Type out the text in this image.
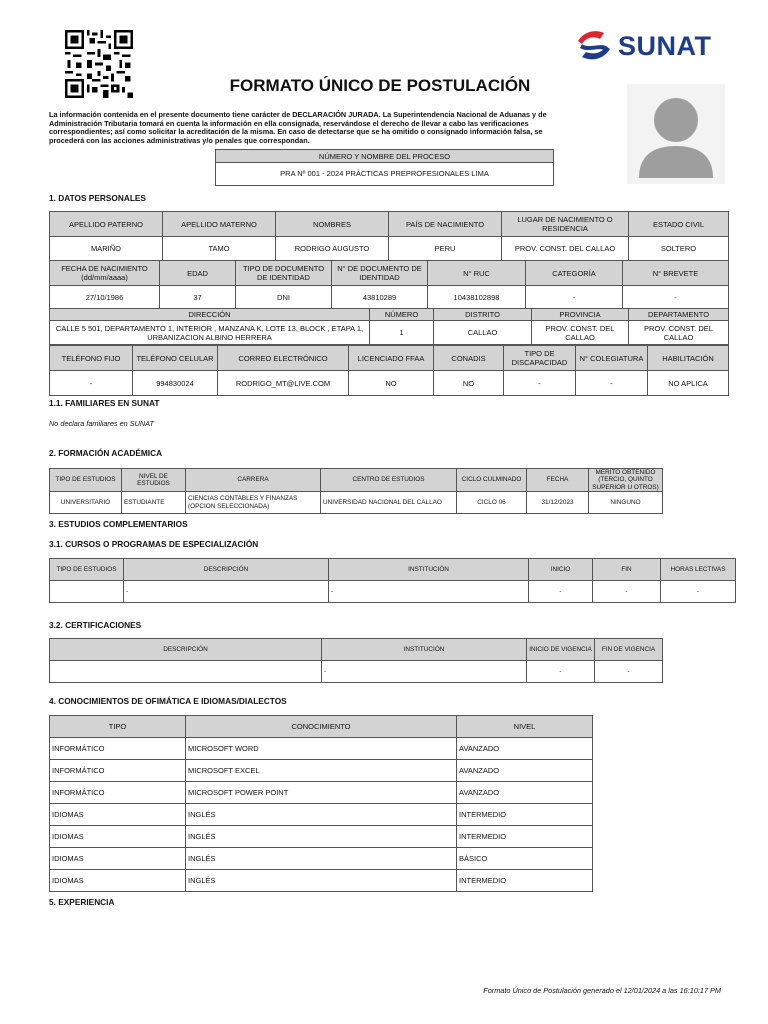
SUNAT
FORMATO ÚNICO DE POSTULACIÓN
La información contenida en el presente documento tiene carácter de DECLARACIÓN JURADA. La Superintendencia Nacional de Aduanas y de Administración Tributaria tomará en cuenta la información en ella consignada, reservándose el derecho de llevar a cabo las verificaciones correspondientes; así como solicitar la acreditación de la misma. En caso de detectarse que se ha omitido o consignado información falsa, se procederá con las acciones administrativas y/o penales que correspondan.
NÚMERO Y NOMBRE DEL PROCESO
PRA Nº 001 - 2024 PRÁCTICAS PREPROFESIONALES LIMA
1. DATOS PERSONALES
APELLIDO PATERNO	APELLIDO MATERNO	NOMBRES	PAÍS DE NACIMIENTO	LUGAR DE NACIMIENTO O RESIDENCIA	ESTADO CIVIL
MARIÑO	TAMO	RODRIGO AUGUSTO	PERU	PROV. CONST. DEL CALLAO	SOLTERO
FECHA DE NACIMIENTO (dd/mm/aaaa)	EDAD	TIPO DE DOCUMENTO DE IDENTIDAD	N° DE DOCUMENTO DE IDENTIDAD	N° RUC	CATEGORÍA	N° BREVETE
27/10/1986	37	DNI	43810289	10438102898	-	-
DIRECCIÓN	NÚMERO	DISTRITO	PROVINCIA	DEPARTAMENTO
CALLE 5 501, DEPARTAMENTO 1, INTERIOR , MANZANA K, LOTE 13, BLOCK , ETAPA 1, URBANIZACION ALBINO HERRERA	1	CALLAO	PROV. CONST. DEL CALLAO	PROV. CONST. DEL CALLAO
TELÉFONO FIJO	TELÉFONO CELULAR	CORREO ELECTRÓNICO	LICENCIADO FFAA	CONADIS	TIPO DE DISCAPACIDAD	N° COLEGIATURA	HABILITACIÓN
-	994830024	RODRIGO_MT@LIVE.COM	NO	NO	-	-	NO APLICA
1.1. FAMILIARES EN SUNAT
No declara familiares en SUNAT
2. FORMACIÓN ACADÉMICA
TIPO DE ESTUDIOS	NIVEL DE ESTUDIOS	CARRERA	CENTRO DE ESTUDIOS	CICLO CULMINADO	FECHA	MÉRITO OBTENIDO (TERCIO, QUINTO SUPERIOR U OTROS)
UNIVERSITARIO	ESTUDIANTE	CIENCIAS CONTABLES Y FINANZAS (OPCION SELECCIONADA)	UNIVERSIDAD NACIONAL DEL CALLAO	CICLO 06	31/12/2023	NINGUNO
3. ESTUDIOS COMPLEMENTARIOS
3.1. CURSOS O PROGRAMAS DE ESPECIALIZACIÓN
TIPO DE ESTUDIOS	DESCRIPCIÓN	INSTITUCIÓN	INICIO	FIN	HORAS LECTIVAS
	-	-	-	-	-
3.2. CERTIFICACIONES
DESCRIPCIÓN	INSTITUCIÓN	INICIO DE VIGENCIA	FIN DE VIGENCIA
	-	-	-
4. CONOCIMIENTOS DE OFIMÁTICA E IDIOMAS/DIALECTOS
TIPO	CONOCIMIENTO	NIVEL
INFORMÁTICO	MICROSOFT WORD	AVANZADO
INFORMÁTICO	MICROSOFT EXCEL	AVANZADO
INFORMÁTICO	MICROSOFT POWER POINT	AVANZADO
IDIOMAS	INGLÉS	INTERMEDIO
IDIOMAS	INGLÉS	INTERMEDIO
IDIOMAS	INGLÉS	BÁSICO
IDIOMAS	INGLÉS	INTERMEDIO
5. EXPERIENCIA
Formato Único de Postulación generado el 12/01/2024 a las 16:10:17 PM
